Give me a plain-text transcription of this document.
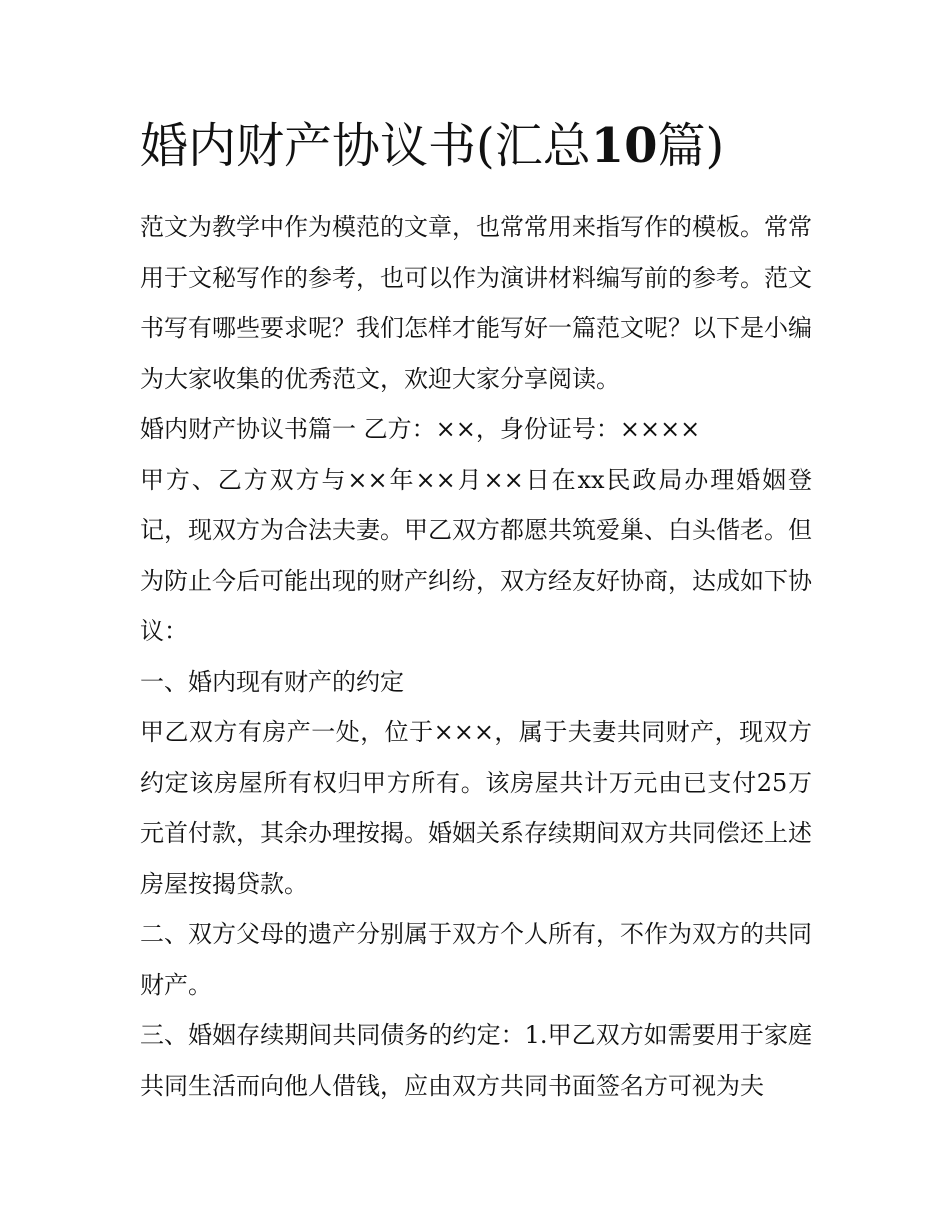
婚内财产协议书(汇总10篇)

范文为教学中作为模范的文章，也常常用来指写作的模板。常常用于文秘写作的参考，也可以作为演讲材料编写前的参考。范文书写有哪些要求呢？我们怎样才能写好一篇范文呢？以下是小编为大家收集的优秀范文，欢迎大家分享阅读。

婚内财产协议书篇一 乙方：××，身份证号：××××

甲方、乙方双方与××年××月××日在xx民政局办理婚姻登记，现双方为合法夫妻。甲乙双方都愿共筑爱巢、白头偕老。但为防止今后可能出现的财产纠纷，双方经友好协商，达成如下协议：

一、婚内现有财产的约定

甲乙双方有房产一处，位于×××，属于夫妻共同财产，现双方约定该房屋所有权归甲方所有。该房屋共计万元由已支付25万元首付款，其余办理按揭。婚姻关系存续期间双方共同偿还上述房屋按揭贷款。

二、双方父母的遗产分别属于双方个人所有，不作为双方的共同财产。

三、婚姻存续期间共同债务的约定：1.甲乙双方如需要用于家庭共同生活而向他人借钱，应由双方共同书面签名方可视为夫
